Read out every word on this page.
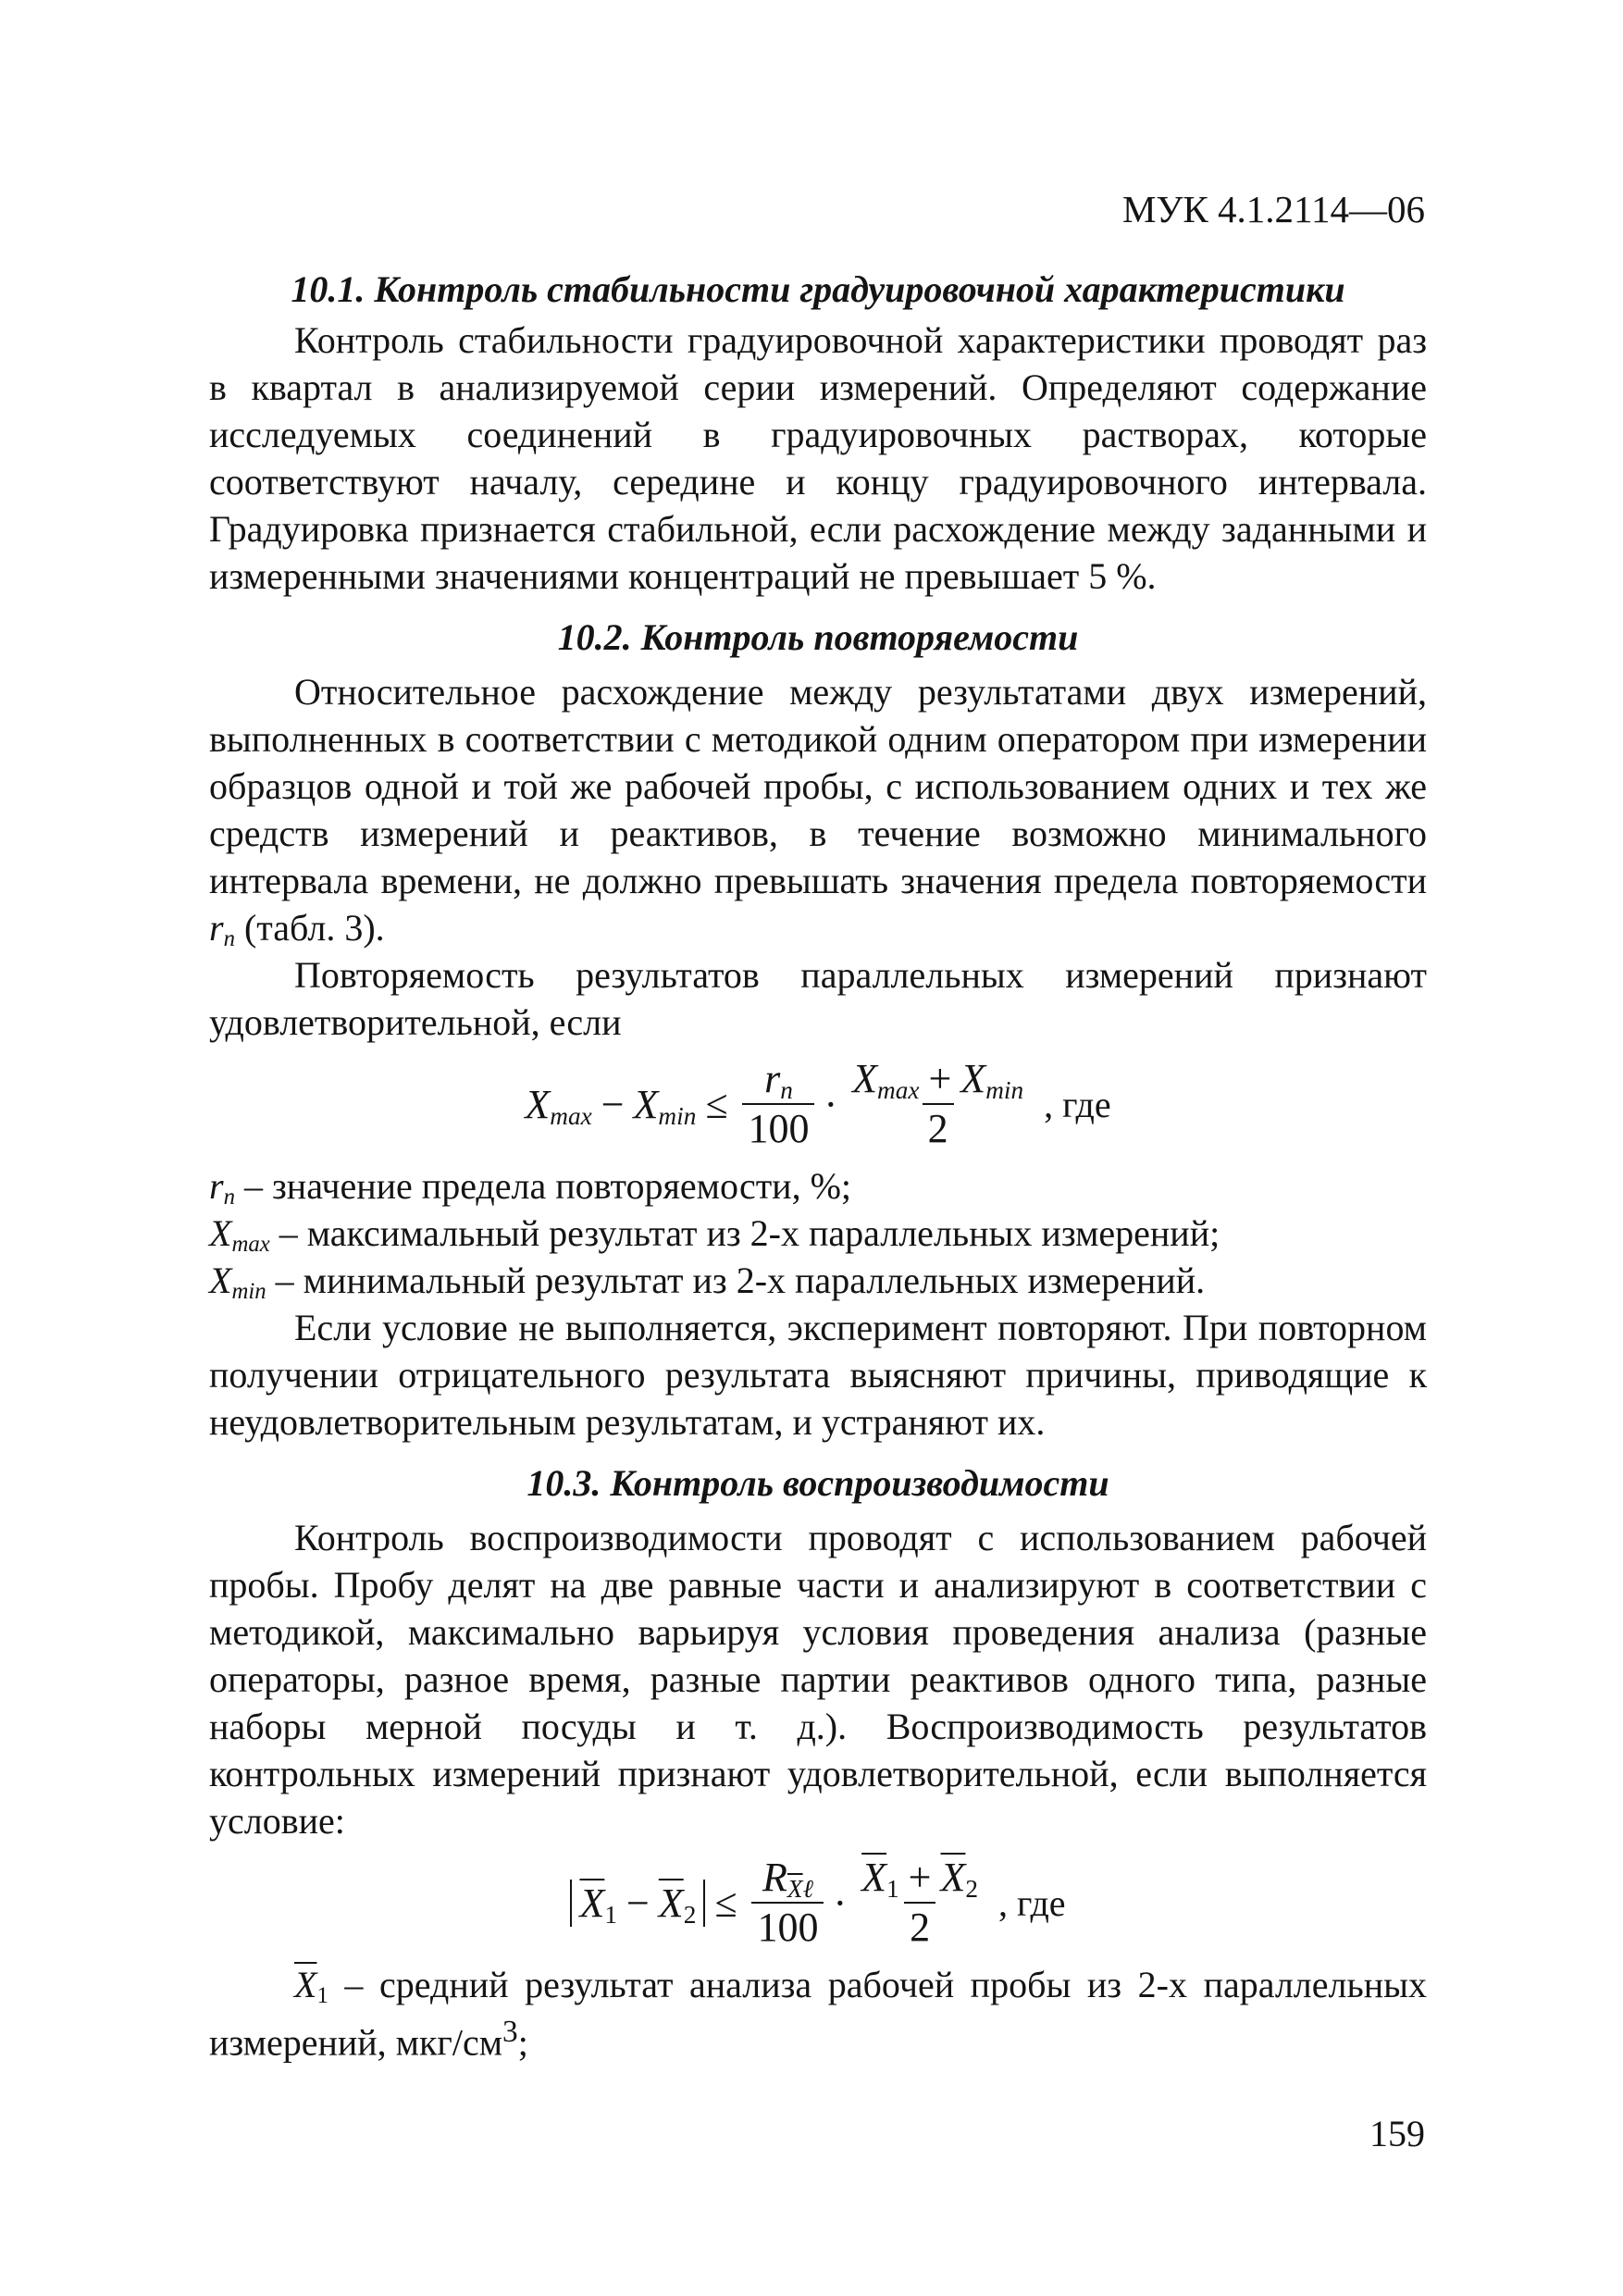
МУК 4.1.2114—06
10.1. Контроль стабильности градуировочной характеристики

Контроль стабильности градуировочной характеристики проводят раз в квартал в анализируемой серии измерений. Определяют содержание исследуемых соединений в градуировочных растворах, которые соответствуют началу, середине и концу градуировочного интервала. Градуировка признается стабильной, если расхождение между заданными и измеренными значениями концентраций не превышает 5 %.

10.2. Контроль повторяемости

Относительное расхождение между результатами двух измерений, выполненных в соответствии с методикой одним оператором при измерении образцов одной и той же рабочей пробы, с использованием одних и тех же средств измерений и реактивов, в течение возможно минимального интервала времени, не должно превышать значения предела повторяемости $r_n$ (табл. 3).

Повторяемость результатов параллельных измерений признают удовлетворительной, если

$X_{max} - X_{min} \le \frac{r_n}{100} \cdot \frac{X_{max} + X_{min}}{2}$ , где

$r_n$ – значение предела повторяемости, %;

$X_{max}$ – максимальный результат из 2-х параллельных измерений;

$X_{min}$ – минимальный результат из 2-х параллельных измерений.

Если условие не выполняется, эксперимент повторяют. При повторном получении отрицательного результата выясняют причины, приводящие к неудовлетворительным результатам, и устраняют их.

10.3. Контроль воспроизводимости

Контроль воспроизводимости проводят с использованием рабочей пробы. Пробу делят на две равные части и анализируют в соответствии с методикой, максимально варьируя условия проведения анализа (разные операторы, разное время, разные партии реактивов одного типа, разные наборы мерной посуды и т. д.). Воспроизводимость результатов контрольных измерений признают удовлетворительной, если выполняется условие:

$\overline{X}_1 - \overline{X}_2 \le \frac{R_{\overline{X}\ell}}{100} \cdot \frac{\overline{X}_1 + \overline{X}_2}{2}$ , где

$\overline{X}_1$ – средний результат анализа рабочей пробы из 2-х параллельных измерений, мкг/$см^3$;

159
